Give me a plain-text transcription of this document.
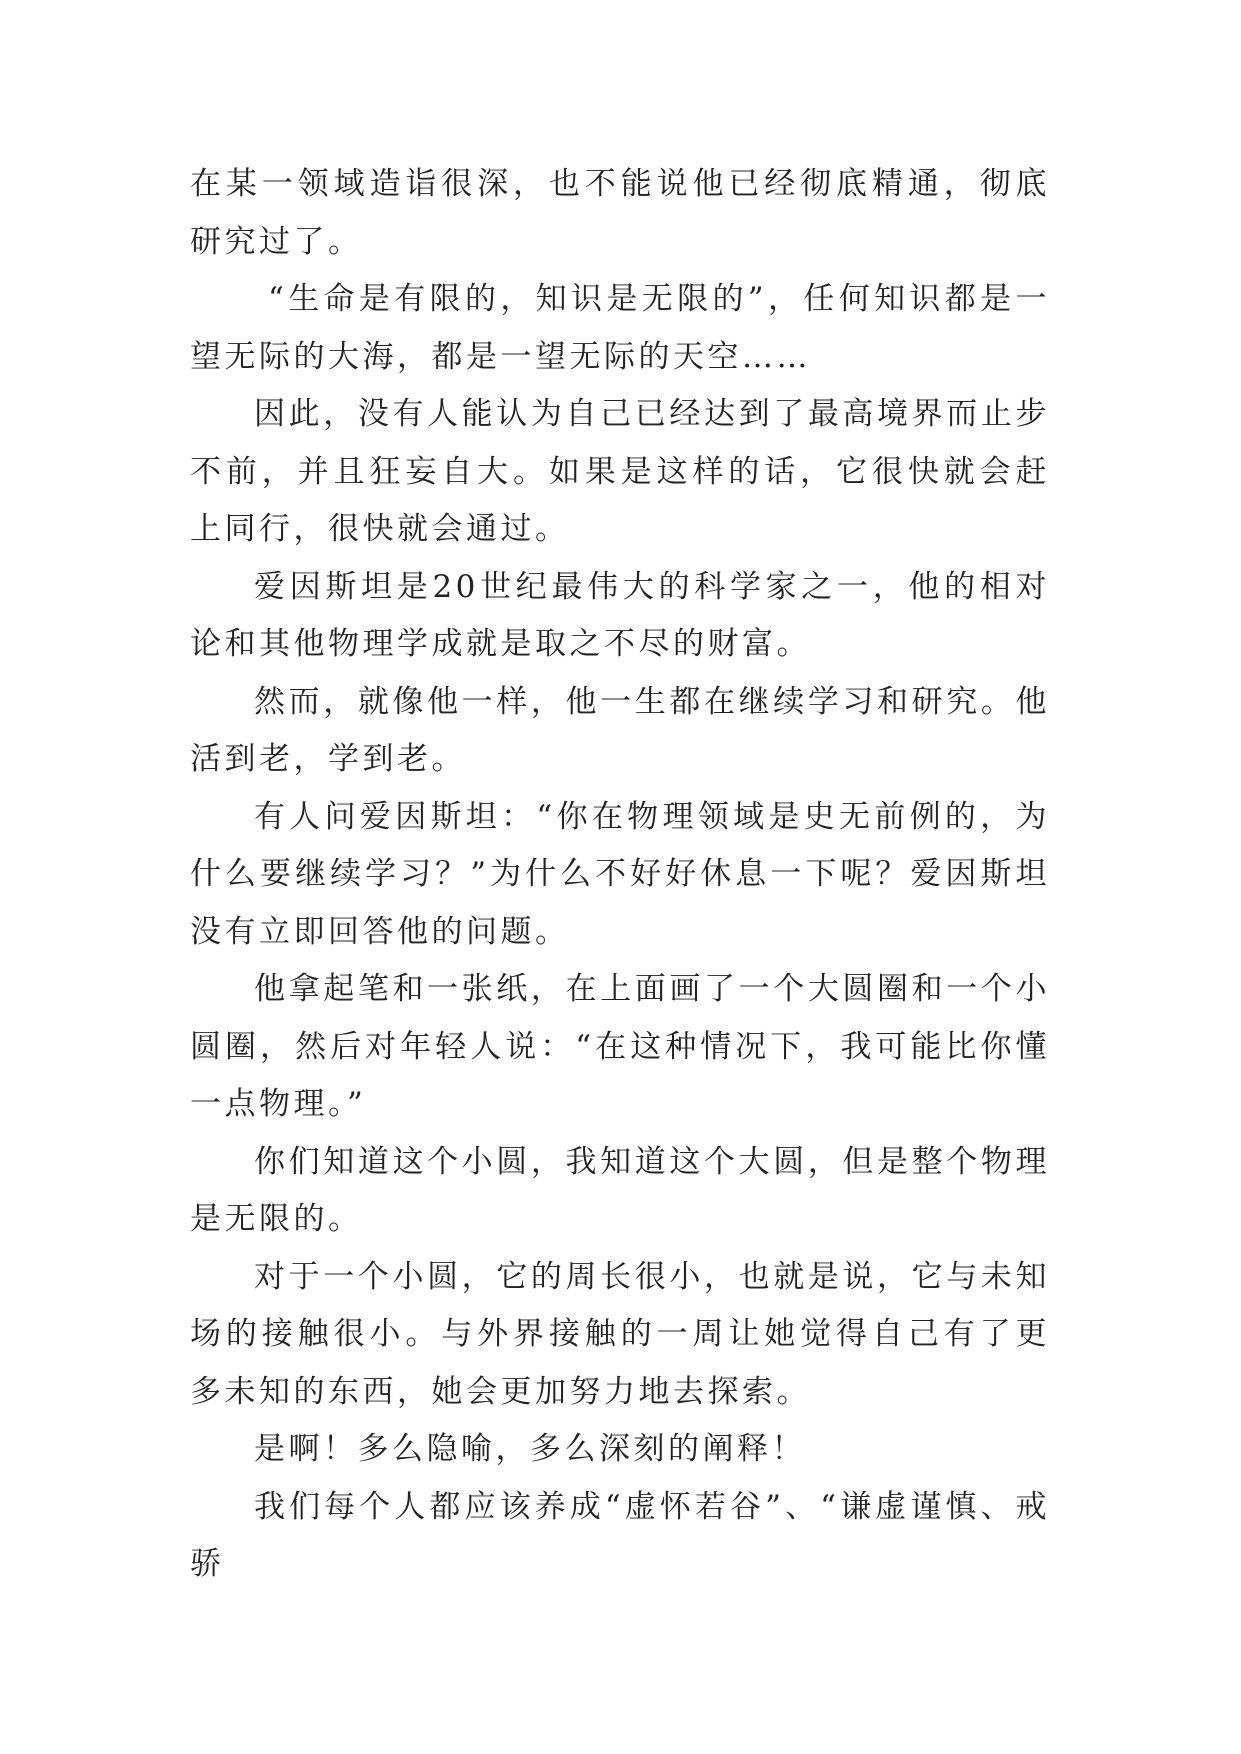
在某一领域造诣很深，也不能说他已经彻底精通，彻底研究过了。

“生命是有限的，知识是无限的”，任何知识都是一望无际的大海，都是一望无际的天空……

因此，没有人能认为自己已经达到了最高境界而止步不前，并且狂妄自大。如果是这样的话，它很快就会赶上同行，很快就会通过。

爱因斯坦是20世纪最伟大的科学家之一，他的相对论和其他物理学成就是取之不尽的财富。

然而，就像他一样，他一生都在继续学习和研究。他活到老，学到老。

有人问爱因斯坦：“你在物理领域是史无前例的，为什么要继续学习？”为什么不好好休息一下呢？爱因斯坦没有立即回答他的问题。

他拿起笔和一张纸，在上面画了一个大圆圈和一个小圆圈，然后对年轻人说：“在这种情况下，我可能比你懂一点物理。”

你们知道这个小圆，我知道这个大圆，但是整个物理是无限的。

对于一个小圆，它的周长很小，也就是说，它与未知场的接触很小。与外界接触的一周让她觉得自己有了更多未知的东西，她会更加努力地去探索。

是啊！多么隐喻，多么深刻的阐释！

我们每个人都应该养成“虚怀若谷”、“谦虚谨慎、戒骄
